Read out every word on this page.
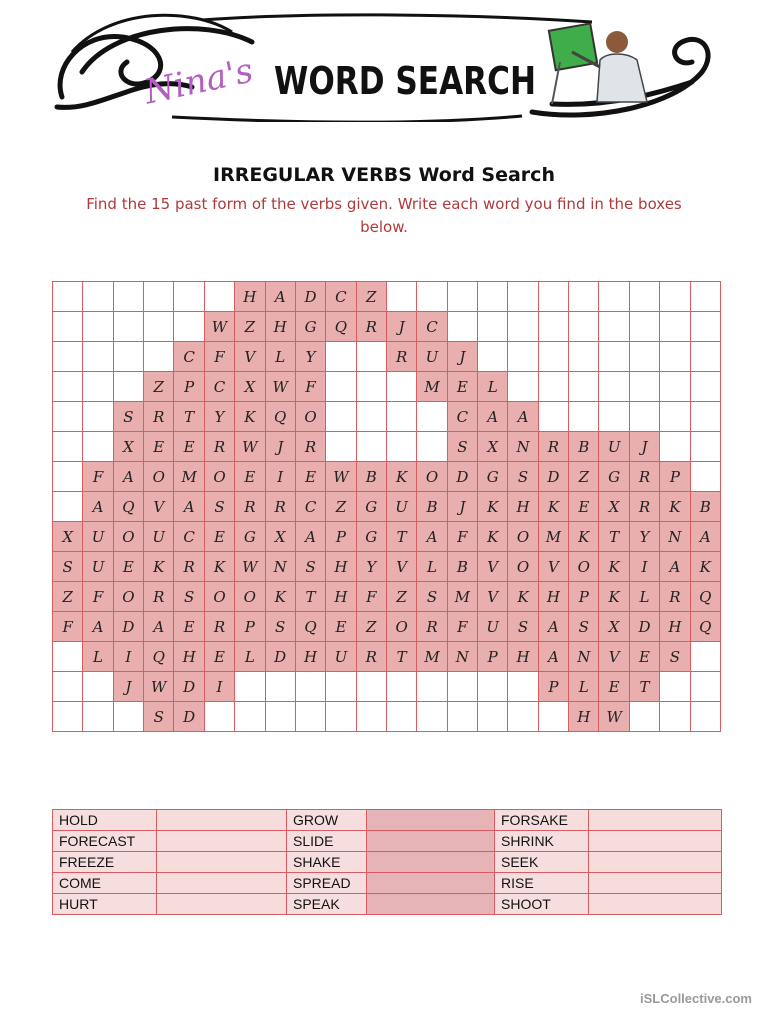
Nina's WORD SEARCH
IRREGULAR VERBS Word Search
Find the 15 past form of the verbs given. Write each word you find in the boxes below.
						H	A	D	C	Z											
					W	Z	H	G	Q	R	J	C									
				C	F	V	L	Y			R	U	J								
			Z	P	C	X	W	F				M	E	L							
		S	R	T	Y	K	Q	O					C	A	A						
		X	E	E	R	W	J	R					S	X	N	R	B	U	J		
	F	A	O	M	O	E	I	E	W	B	K	O	D	G	S	D	Z	G	R	P	
	A	Q	V	A	S	R	R	C	Z	G	U	B	J	K	H	K	E	X	R	K	B
X	U	O	U	C	E	G	X	A	P	G	T	A	F	K	O	M	K	T	Y	N	A
S	U	E	K	R	K	W	N	S	H	Y	V	L	B	V	O	V	O	K	I	A	K
Z	F	O	R	S	O	O	K	T	H	F	Z	S	M	V	K	H	P	K	L	R	Q
F	A	D	A	E	R	P	S	Q	E	Z	O	R	F	U	S	A	S	X	D	H	Q
	L	I	Q	H	E	L	D	H	U	R	T	M	N	P	H	A	N	V	E	S	
		J	W	D	I											P	L	E	T		
			S	D													H	W			
HOLD		GROW		FORSAKE	
FORECAST		SLIDE		SHRINK	
FREEZE		SHAKE		SEEK	
COME		SPREAD		RISE	
HURT		SPEAK		SHOOT	
iSLCollective.com
